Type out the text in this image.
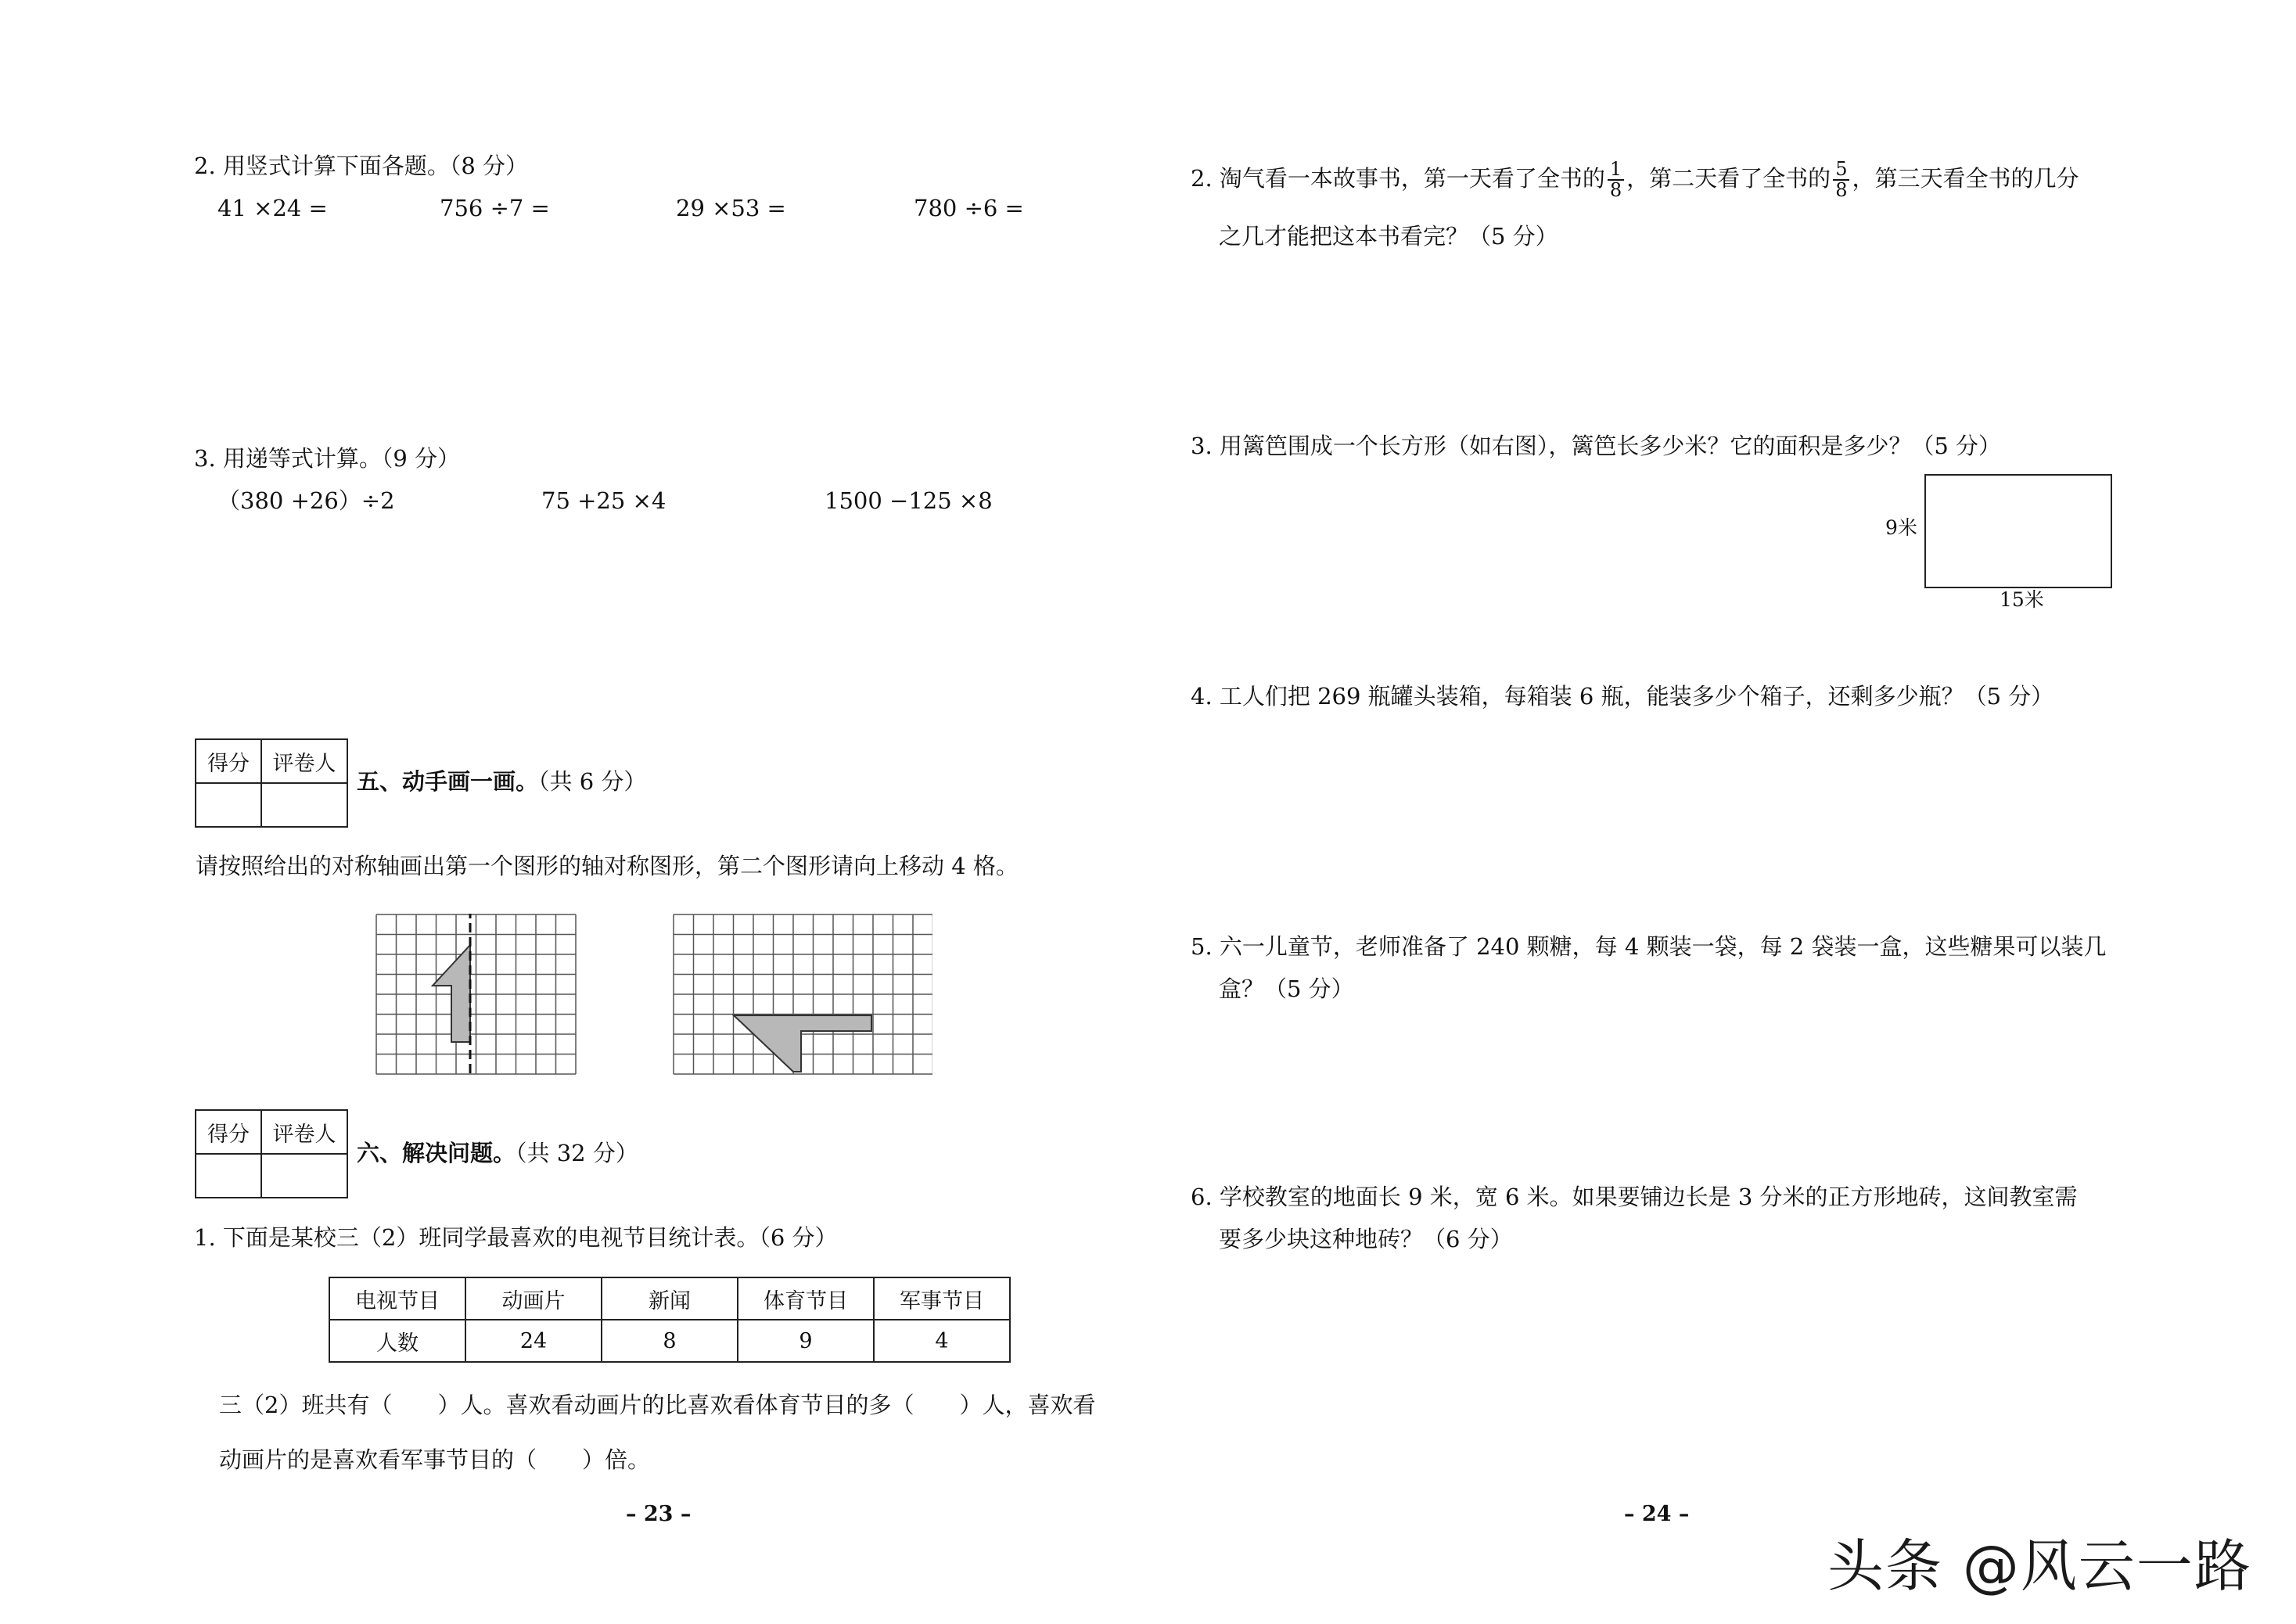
2. 用竖式计算下面各题。（8 分）
41 ×24 =	756 ÷7 =	29 ×53 =	780 ÷6 =
3. 用递等式计算。（9 分）
（380 +26）÷2	75 +25 ×4	1500 −125 ×8
得分	评卷人

五、动手画一画。（共 6 分）
请按照给出的对称轴画出第一个图形的轴对称图形，第二个图形请向上移动 4 格。
得分	评卷人

六、解决问题。（共 32 分）
1. 下面是某校三（2）班同学最喜欢的电视节目统计表。（6 分）
电视节目	动画片	新闻	体育节目	军事节目
人数	24	8	9	4
三（2）班共有（　　）人。喜欢看动画片的比喜欢看体育节目的多（　　）人，喜欢看
动画片的是喜欢看军事节目的（　　）倍。
– 23 –
2. 淘气看一本故事书，第一天看了全书的 $\frac{1}{8}$ ，第二天看了全书的 $\frac{5}{8}$ ，第三天看全书的几分
之几才能把这本书看完？（5 分）
3. 用篱笆围成一个长方形（如右图），篱笆长多少米？它的面积是多少？（5 分）
9米
15米
4. 工人们把 269 瓶罐头装箱，每箱装 6 瓶，能装多少个箱子，还剩多少瓶？（5 分）
5. 六一儿童节，老师准备了 240 颗糖，每 4 颗装一袋，每 2 袋装一盒，这些糖果可以装几
盒？（5 分）
6. 学校教室的地面长 9 米，宽 6 米。如果要铺边长是 3 分米的正方形地砖，这间教室需
要多少块这种地砖？（6 分）
– 24 –
头条 @风云一路
